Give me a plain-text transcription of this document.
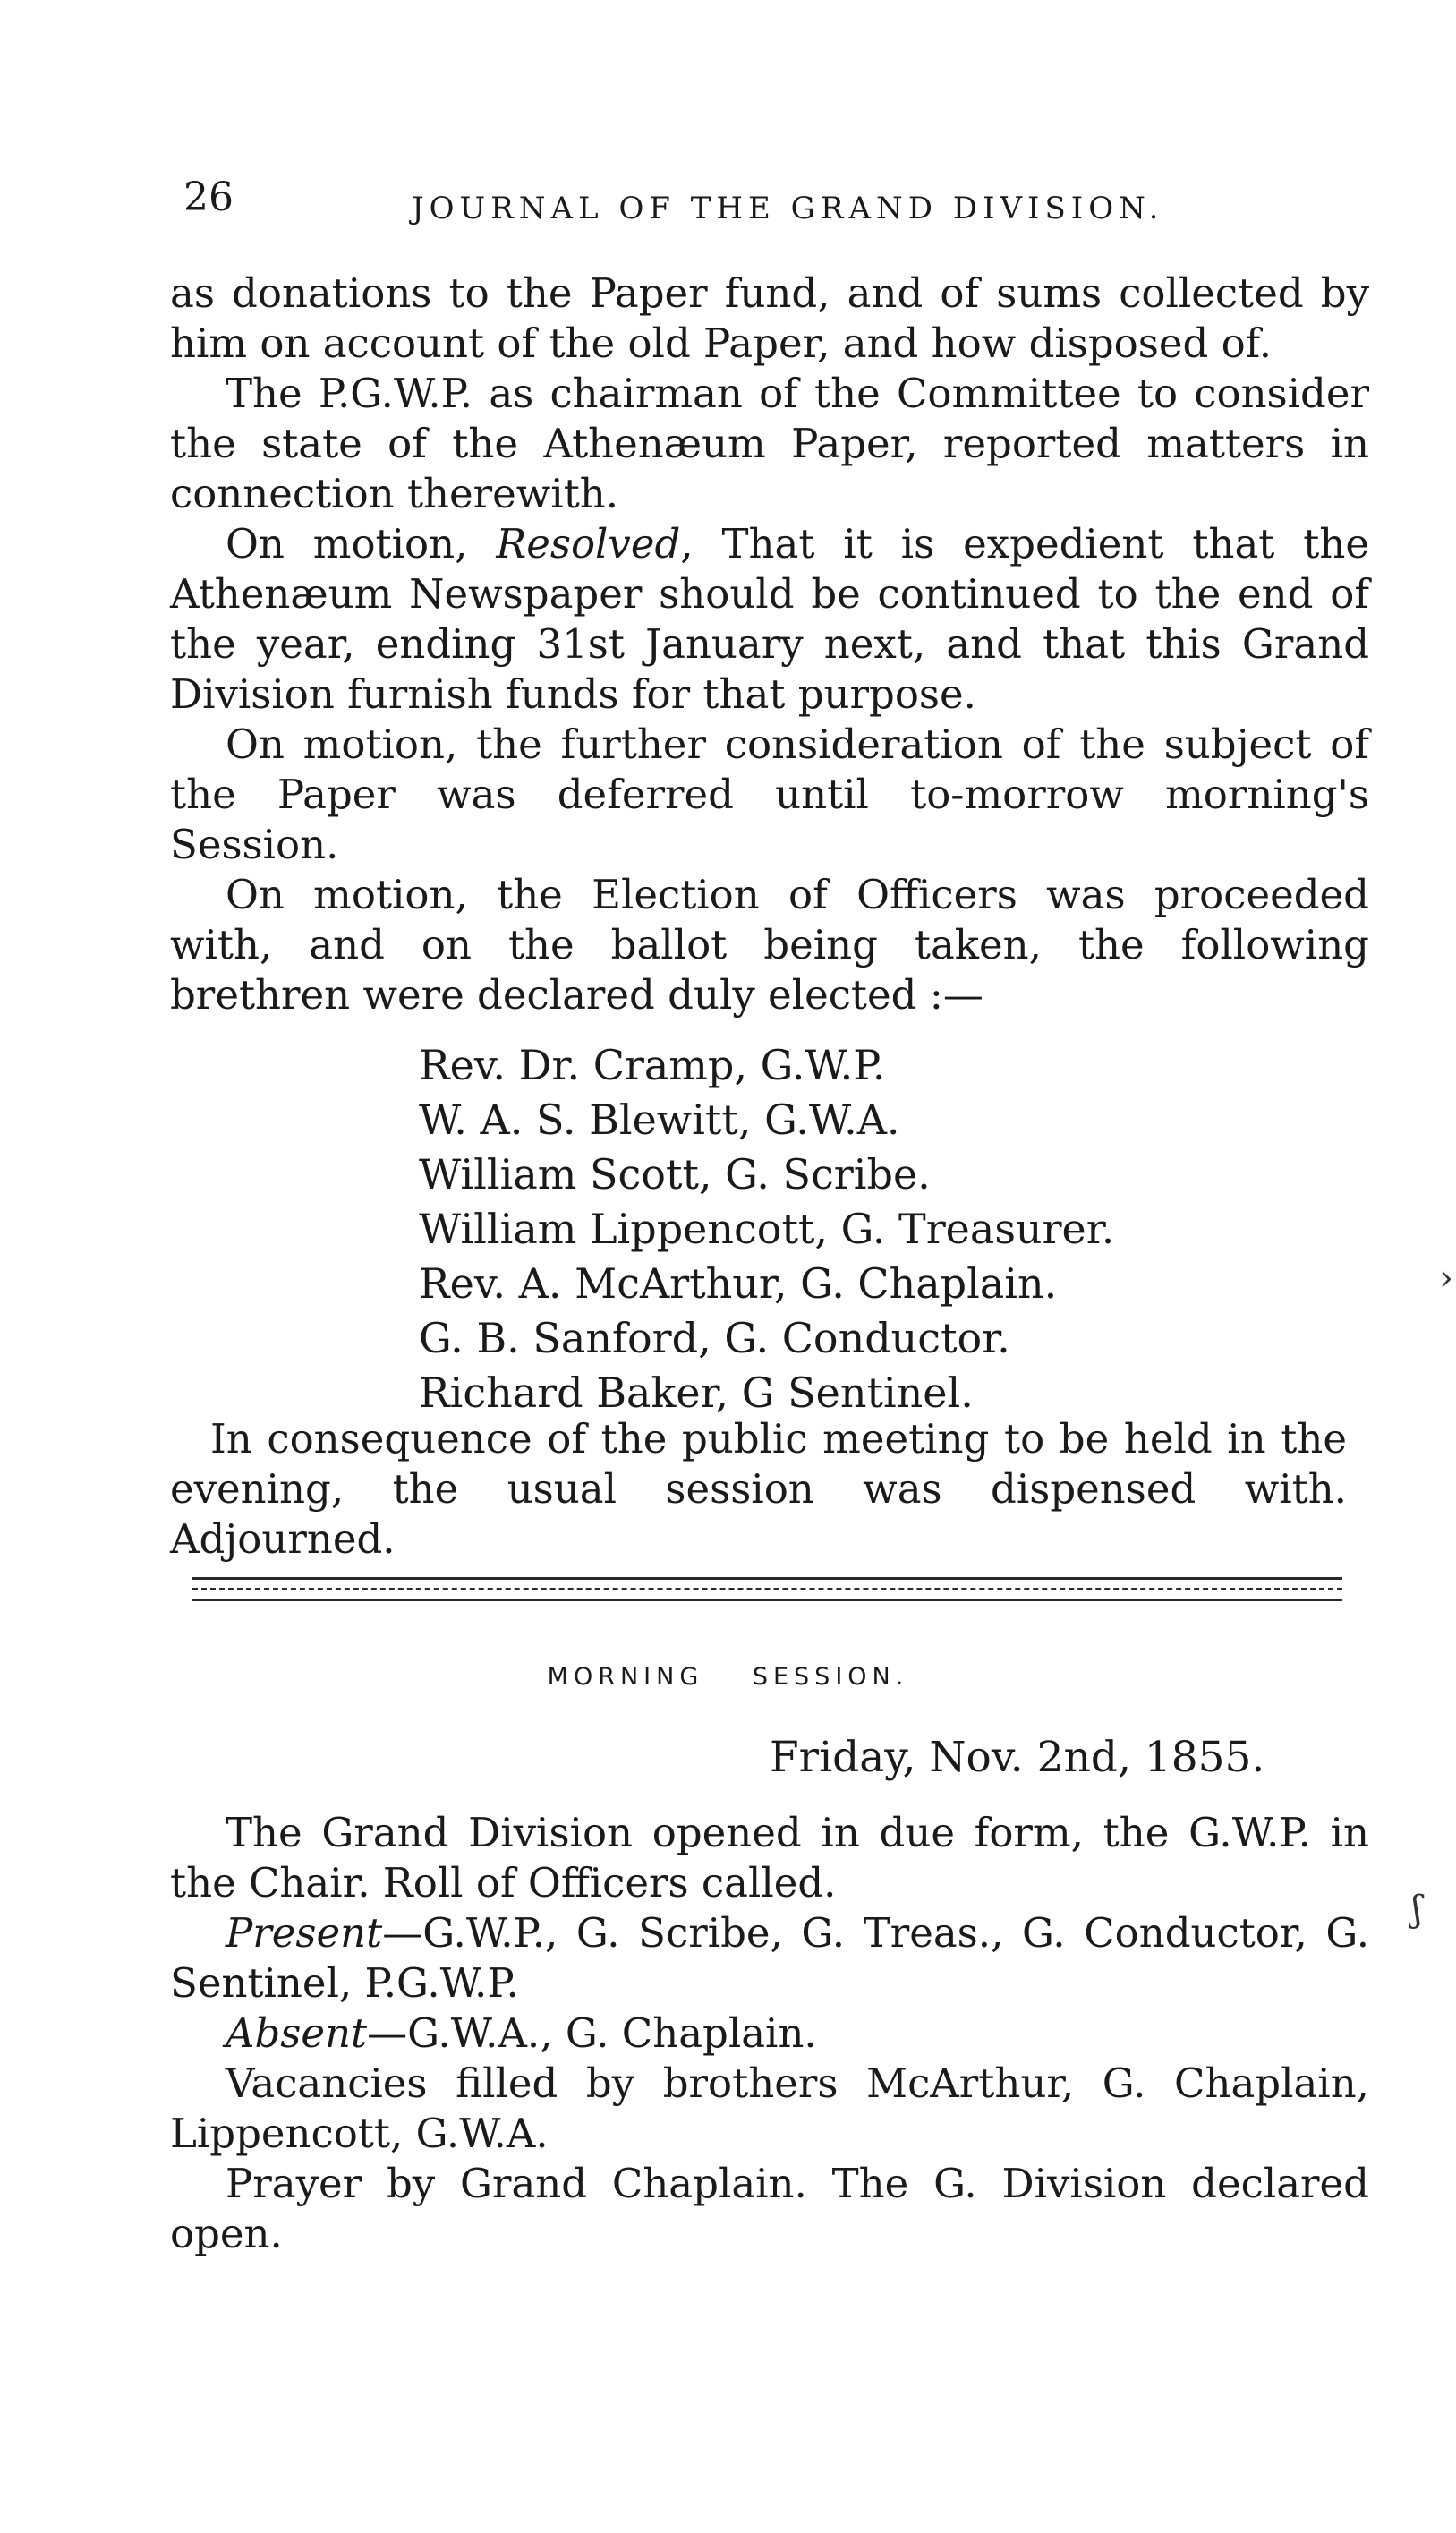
26	JOURNAL OF THE GRAND DIVISION.

as donations to the Paper fund, and of sums collected by him on account of the old Paper, and how disposed of.

The P.G.W.P. as chairman of the Committee to consider the state of the Athenæum Paper, reported matters in connection therewith.

On motion, Resolved, That it is expedient that the Athenæum Newspaper should be continued to the end of the year, ending 31st January next, and that this Grand Division furnish funds for that purpose.

On motion, the further consideration of the subject of the Paper was deferred until to-morrow morning's Session.

On motion, the Election of Officers was proceeded with, and on the ballot being taken, the following brethren were declared duly elected :—

Rev. Dr. Cramp, G.W.P.
W. A. S. Blewitt, G.W.A.
William Scott, G. Scribe.
William Lippencott, G. Treasurer.
Rev. A. McArthur, G. Chaplain.
G. B. Sanford, G. Conductor.
Richard Baker, G Sentinel.

In consequence of the public meeting to be held in the evening, the usual session was dispensed with. Adjourned.

MORNING SESSION.

Friday, Nov. 2nd, 1855.

The Grand Division opened in due form, the G.W.P. in the Chair. Roll of Officers called.

Present—G.W.P., G. Scribe, G. Treas., G. Conductor, G. Sentinel, P.G.W.P.

Absent—G.W.A., G. Chaplain.

Vacancies filled by brothers McArthur, G. Chaplain, Lippencott, G.W.A.

Prayer by Grand Chaplain. The G. Division declared open.

›
ʃ
